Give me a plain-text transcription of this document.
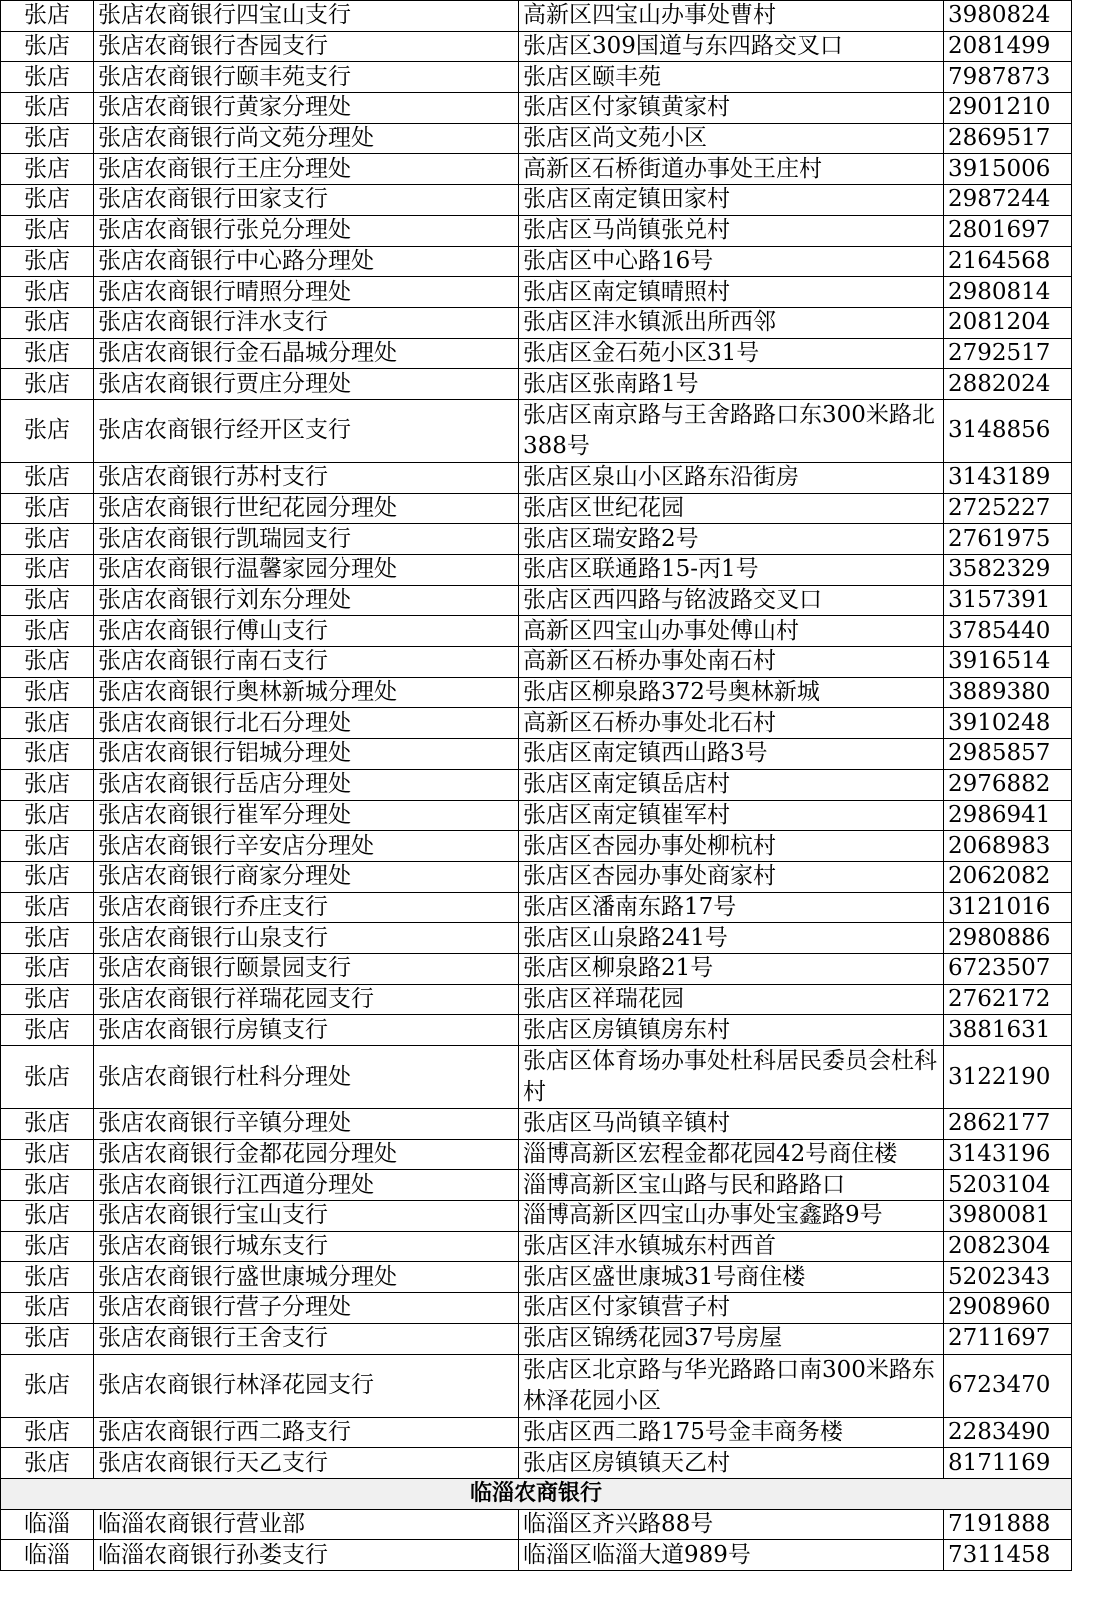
张店	张店农商银行四宝山支行	高新区四宝山办事处曹村	3980824
张店	张店农商银行杏园支行	张店区309国道与东四路交叉口	2081499
张店	张店农商银行颐丰苑支行	张店区颐丰苑	7987873
张店	张店农商银行黄家分理处	张店区付家镇黄家村	2901210
张店	张店农商银行尚文苑分理处	张店区尚文苑小区	2869517
张店	张店农商银行王庄分理处	高新区石桥街道办事处王庄村	3915006
张店	张店农商银行田家支行	张店区南定镇田家村	2987244
张店	张店农商银行张兑分理处	张店区马尚镇张兑村	2801697
张店	张店农商银行中心路分理处	张店区中心路16号	2164568
张店	张店农商银行晴照分理处	张店区南定镇晴照村	2980814
张店	张店农商银行沣水支行	张店区沣水镇派出所西邻	2081204
张店	张店农商银行金石晶城分理处	张店区金石苑小区31号	2792517
张店	张店农商银行贾庄分理处	张店区张南路1号	2882024
张店	张店农商银行经开区支行	张店区南京路与王舍路路口东300米路北388号	3148856
张店	张店农商银行苏村支行	张店区泉山小区路东沿街房	3143189
张店	张店农商银行世纪花园分理处	张店区世纪花园	2725227
张店	张店农商银行凯瑞园支行	张店区瑞安路2号	2761975
张店	张店农商银行温馨家园分理处	张店区联通路15-丙1号	3582329
张店	张店农商银行刘东分理处	张店区西四路与铭波路交叉口	3157391
张店	张店农商银行傅山支行	高新区四宝山办事处傅山村	3785440
张店	张店农商银行南石支行	高新区石桥办事处南石村	3916514
张店	张店农商银行奥林新城分理处	张店区柳泉路372号奥林新城	3889380
张店	张店农商银行北石分理处	高新区石桥办事处北石村	3910248
张店	张店农商银行铝城分理处	张店区南定镇西山路3号	2985857
张店	张店农商银行岳店分理处	张店区南定镇岳店村	2976882
张店	张店农商银行崔军分理处	张店区南定镇崔军村	2986941
张店	张店农商银行辛安店分理处	张店区杏园办事处柳杭村	2068983
张店	张店农商银行商家分理处	张店区杏园办事处商家村	2062082
张店	张店农商银行乔庄支行	张店区潘南东路17号	3121016
张店	张店农商银行山泉支行	张店区山泉路241号	2980886
张店	张店农商银行颐景园支行	张店区柳泉路21号	6723507
张店	张店农商银行祥瑞花园支行	张店区祥瑞花园	2762172
张店	张店农商银行房镇支行	张店区房镇镇房东村	3881631
张店	张店农商银行杜科分理处	张店区体育场办事处杜科居民委员会杜科村	3122190
张店	张店农商银行辛镇分理处	张店区马尚镇辛镇村	2862177
张店	张店农商银行金都花园分理处	淄博高新区宏程金都花园42号商住楼	3143196
张店	张店农商银行江西道分理处	淄博高新区宝山路与民和路路口	5203104
张店	张店农商银行宝山支行	淄博高新区四宝山办事处宝鑫路9号	3980081
张店	张店农商银行城东支行	张店区沣水镇城东村西首	2082304
张店	张店农商银行盛世康城分理处	张店区盛世康城31号商住楼	5202343
张店	张店农商银行营子分理处	张店区付家镇营子村	2908960
张店	张店农商银行王舍支行	张店区锦绣花园37号房屋	2711697
张店	张店农商银行林泽花园支行	张店区北京路与华光路路口南300米路东林泽花园小区	6723470
张店	张店农商银行西二路支行	张店区西二路175号金丰商务楼	2283490
张店	张店农商银行天乙支行	张店区房镇镇天乙村	8171169
临淄农商银行			
临淄	临淄农商银行营业部	临淄区齐兴路88号	7191888
临淄	临淄农商银行孙娄支行	临淄区临淄大道989号	7311458
